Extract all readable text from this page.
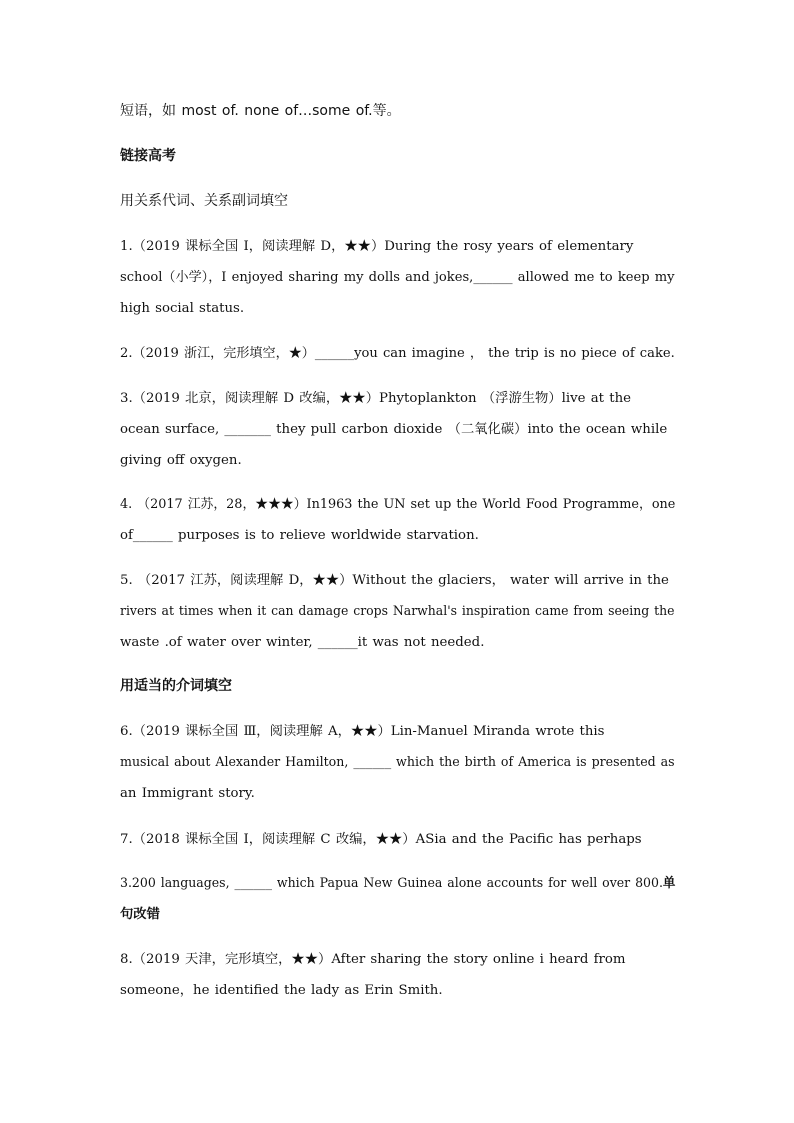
短语，如 most of. none of…some of.等。

链接高考

用关系代词、关系副词填空

1.（2019 课标全国 I，阅读理解 D，★★）During the rosy years of elementary
school（小学），I enjoyed sharing my dolls and jokes,______ allowed me to keep my
high social status.

2.（2019 浙江，完形填空，★）______you can imagine ， the trip is no piece of cake.

3.（2019 北京，阅读理解 D 改编，★★）Phytoplankton （浮游生物）live at the
ocean surface, _______ they pull carbon dioxide （二氧化碳）into the ocean while
giving off oxygen.

4. （2017 江苏，28，★★★）In1963 the UN set up the World Food Programme，one
of______ purposes is to relieve worldwide starvation.

5. （2017 江苏，阅读理解 D，★★）Without the glaciers， water will arrive in the
rivers at times when it can damage crops Narwhal's inspiration came from seeing the
waste .of water over winter, ______it was not needed.

用适当的介词填空

6.（2019 课标全国 Ⅲ，阅读理解 A，★★）Lin-Manuel Miranda wrote this
musical about Alexander Hamilton, ______ which the birth of America is presented as
an Immigrant story.

7.（2018 课标全国 I，阅读理解 C 改编，★★）ASia and the Pacific has perhaps

3.200 languages, ______ which Papua New Guinea alone accounts for well over 800.单
句改错

8.（2019 天津，完形填空，★★）After sharing the story online i heard from
someone，he identified the lady as Erin Smith.
